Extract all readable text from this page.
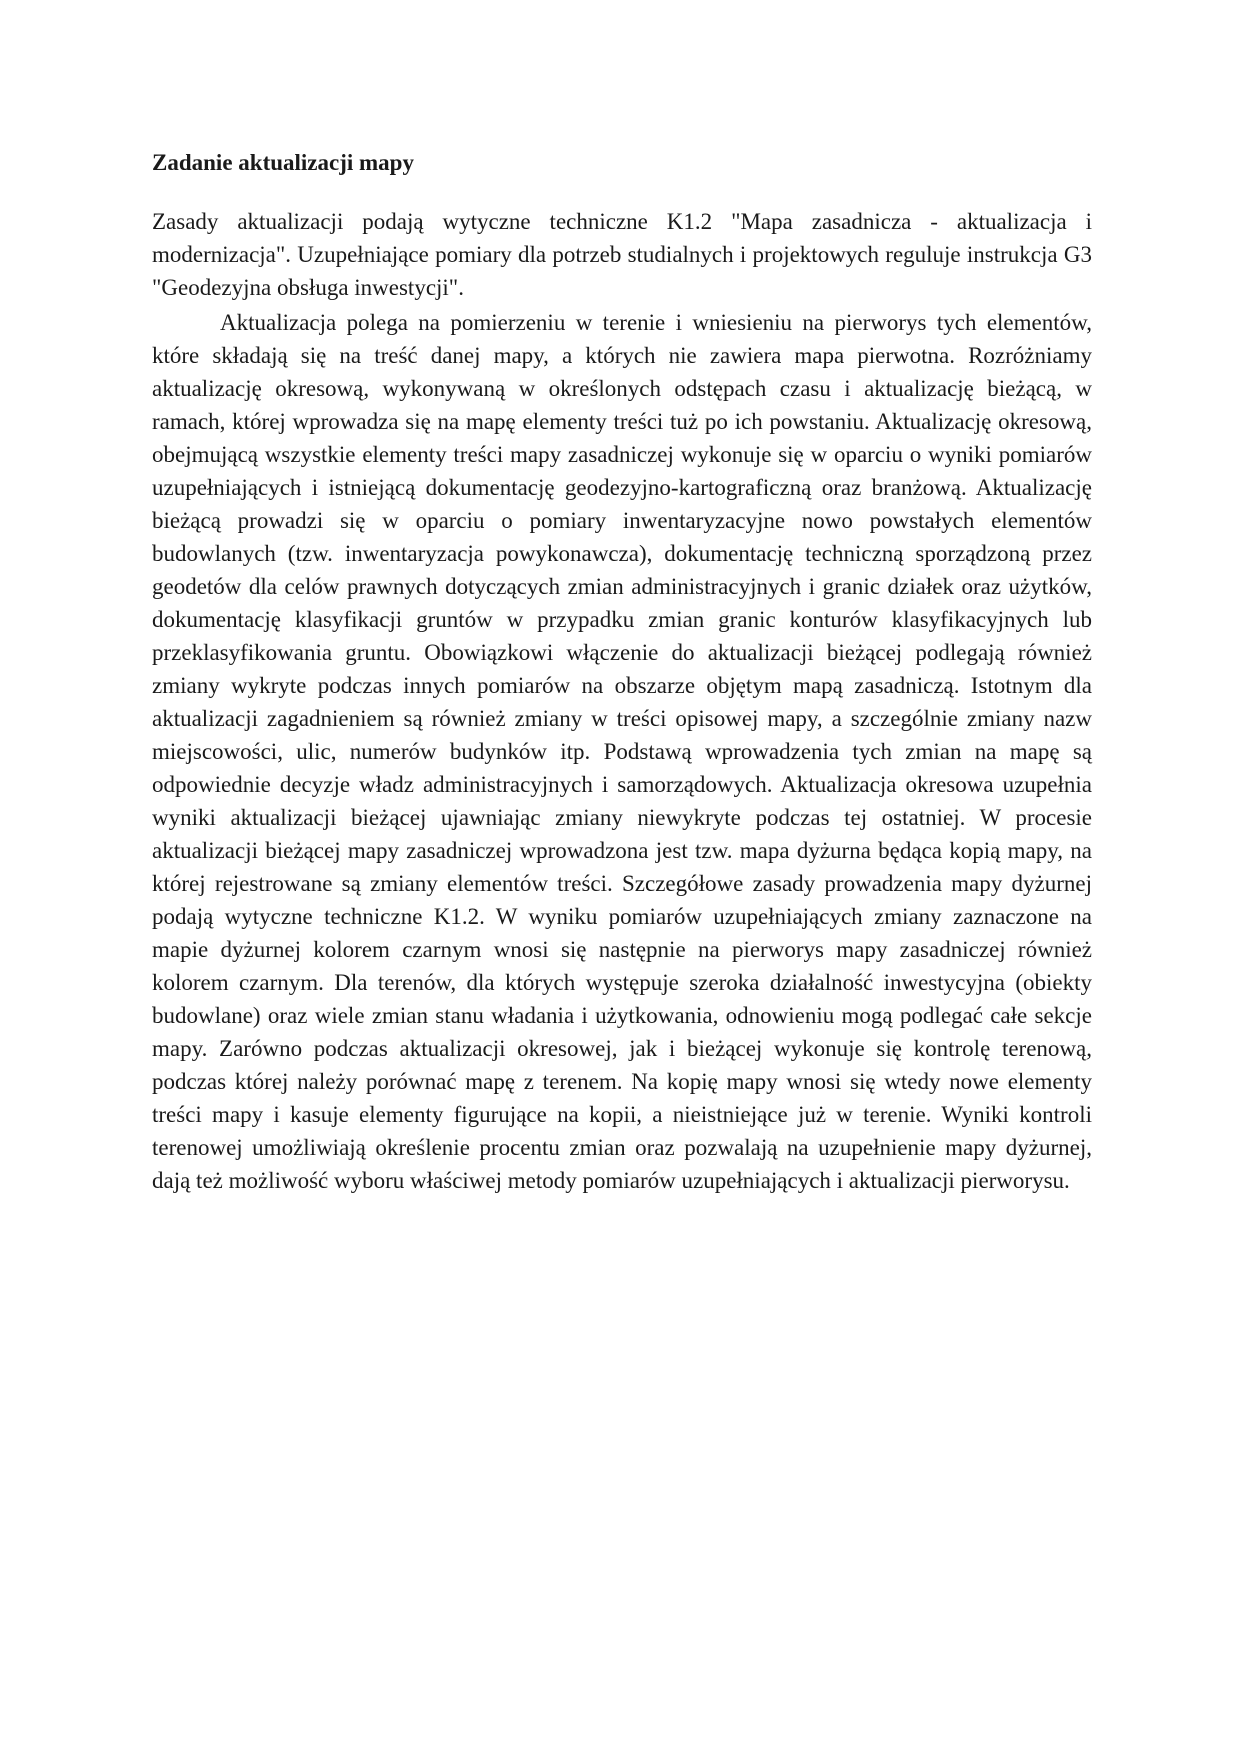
Zadanie aktualizacji mapy

Zasady aktualizacji podają wytyczne techniczne K1.2 "Mapa zasadnicza - aktualizacja i modernizacja". Uzupełniające pomiary dla potrzeb studialnych i projektowych reguluje instrukcja G3 "Geodezyjna obsługa inwestycji".

Aktualizacja polega na pomierzeniu w terenie i wniesieniu na pierworys tych elementów, które składają się na treść danej mapy, a których nie zawiera mapa pierwotna. Rozróżniamy aktualizację okresową, wykonywaną w określonych odstępach czasu i aktualizację bieżącą, w ramach, której wprowadza się na mapę elementy treści tuż po ich powstaniu. Aktualizację okresową, obejmującą wszystkie elementy treści mapy zasadniczej wykonuje się w oparciu o wyniki pomiarów uzupełniających i istniejącą dokumentację geodezyjno-kartograficzną oraz branżową. Aktualizację bieżącą prowadzi się w oparciu o pomiary inwentaryzacyjne nowo powstałych elementów budowlanych (tzw. inwentaryzacja powykonawcza), dokumentację techniczną sporządzoną przez geodetów dla celów prawnych dotyczących zmian administracyjnych i granic działek oraz użytków, dokumentację klasyfikacji gruntów w przypadku zmian granic konturów klasyfikacyjnych lub przeklasyfikowania gruntu. Obowiązkowi włączenie do aktualizacji bieżącej podlegają również zmiany wykryte podczas innych pomiarów na obszarze objętym mapą zasadniczą. Istotnym dla aktualizacji zagadnieniem są również zmiany w treści opisowej mapy, a szczególnie zmiany nazw miejscowości, ulic, numerów budynków itp. Podstawą wprowadzenia tych zmian na mapę są odpowiednie decyzje władz administracyjnych i samorządowych. Aktualizacja okresowa uzupełnia wyniki aktualizacji bieżącej ujawniając zmiany niewykryte podczas tej ostatniej. W procesie aktualizacji bieżącej mapy zasadniczej wprowadzona jest tzw. mapa dyżurna będąca kopią mapy, na której rejestrowane są zmiany elementów treści. Szczegółowe zasady prowadzenia mapy dyżurnej podają wytyczne techniczne K1.2. W wyniku pomiarów uzupełniających zmiany zaznaczone na mapie dyżurnej kolorem czarnym wnosi się następnie na pierworys mapy zasadniczej również kolorem czarnym. Dla terenów, dla których występuje szeroka działalność inwestycyjna (obiekty budowlane) oraz wiele zmian stanu władania i użytkowania, odnowieniu mogą podlegać całe sekcje mapy. Zarówno podczas aktualizacji okresowej, jak i bieżącej wykonuje się kontrolę terenową, podczas której należy porównać mapę z terenem. Na kopię mapy wnosi się wtedy nowe elementy treści mapy i kasuje elementy figurujące na kopii, a nieistniejące już w terenie. Wyniki kontroli terenowej umożliwiają określenie procentu zmian oraz pozwalają na uzupełnienie mapy dyżurnej, dają też możliwość wyboru właściwej metody pomiarów uzupełniających i aktualizacji pierworysu.
